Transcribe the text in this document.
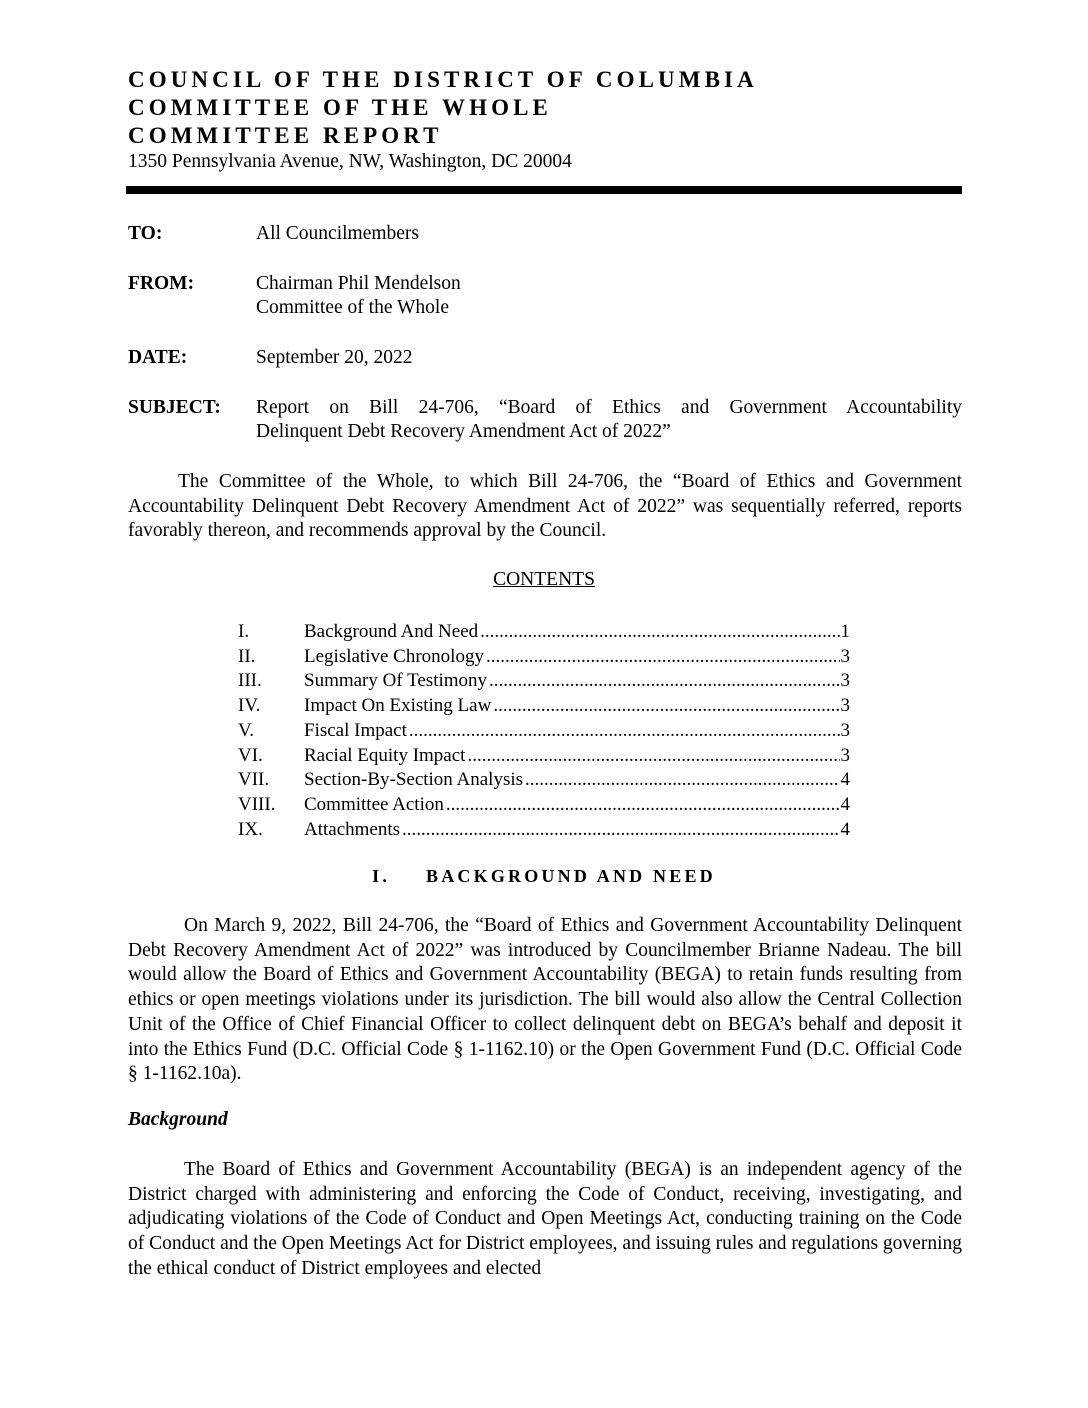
COUNCIL OF THE DISTRICT OF COLUMBIA
COMMITTEE OF THE WHOLE
COMMITTEE REPORT
1350 Pennsylvania Avenue, NW, Washington, DC 20004
TO:	All Councilmembers
FROM:	Chairman Phil Mendelson
Committee of the Whole
DATE:	September 20, 2022
SUBJECT: Report on Bill 24-706, “Board of Ethics and Government Accountability
Delinquent Debt Recovery Amendment Act of 2022”
The Committee of the Whole, to which Bill 24-706, the “Board of Ethics and Government Accountability Delinquent Debt Recovery Amendment Act of 2022” was sequentially referred, reports favorably thereon, and recommends approval by the Council.
CONTENTS
I.	Background And Need .....	1
II.	Legislative Chronology .....	3
III.	Summary Of Testimony .....	3
IV.	Impact On Existing Law .....	3
V.	Fiscal Impact .....	3
VI.	Racial Equity Impact .....	3
VII.	Section-By-Section Analysis .....	4
VIII.	Committee Action .....	4
IX.	Attachments .....	4
I. BACKGROUND AND NEED
On March 9, 2022, Bill 24-706, the “Board of Ethics and Government Accountability Delinquent Debt Recovery Amendment Act of 2022” was introduced by Councilmember Brianne Nadeau. The bill would allow the Board of Ethics and Government Accountability (BEGA) to retain funds resulting from ethics or open meetings violations under its jurisdiction. The bill would also allow the Central Collection Unit of the Office of Chief Financial Officer to collect delinquent debt on BEGA’s behalf and deposit it into the Ethics Fund (D.C. Official Code § 1-1162.10) or the Open Government Fund (D.C. Official Code § 1-1162.10a).
Background
The Board of Ethics and Government Accountability (BEGA) is an independent agency of the District charged with administering and enforcing the Code of Conduct, receiving, investigating, and adjudicating violations of the Code of Conduct and Open Meetings Act, conducting training on the Code of Conduct and the Open Meetings Act for District employees, and issuing rules and regulations governing the ethical conduct of District employees and elected
